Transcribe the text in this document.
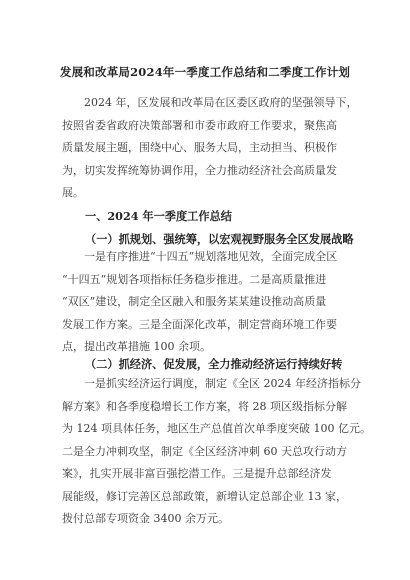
发展和改革局2024年一季度工作总结和二季度工作计划
2024 年，区发展和改革局在区委区政府的坚强领导下，
按照省委省政府决策部署和市委市政府工作要求，聚焦高
质量发展主题，围绕中心、服务大局，主动担当、积极作
为，切实发挥统筹协调作用，全力推动经济社会高质量发
展。
一、2024 年一季度工作总结
（一）抓规划、强统筹，以宏观视野服务全区发展战略
一是有序推进“十四五”规划落地见效，全面完成全区
“十四五”规划各项指标任务稳步推进。二是高质量推进
“双区”建设，制定全区融入和服务某某建设推动高质量
发展工作方案。三是全面深化改革，制定营商环境工作要
点，提出改革措施 100 余项。
（二）抓经济、促发展，全力推动经济运行持续好转
一是抓实经济运行调度，制定《全区 2024 年经济指标分
解方案》和各季度稳增长工作方案，将 28 项区级指标分解
为 124 项具体任务，地区生产总值首次单季度突破 100 亿元。
二是全力冲刺攻坚，制定《全区经济冲刺 60 天总攻行动方
案》，扎实开展非富百强挖潜工作。三是提升总部经济发
展能级，修订完善区总部政策，新增认定总部企业 13 家，
拨付总部专项资金 3400 余万元。
